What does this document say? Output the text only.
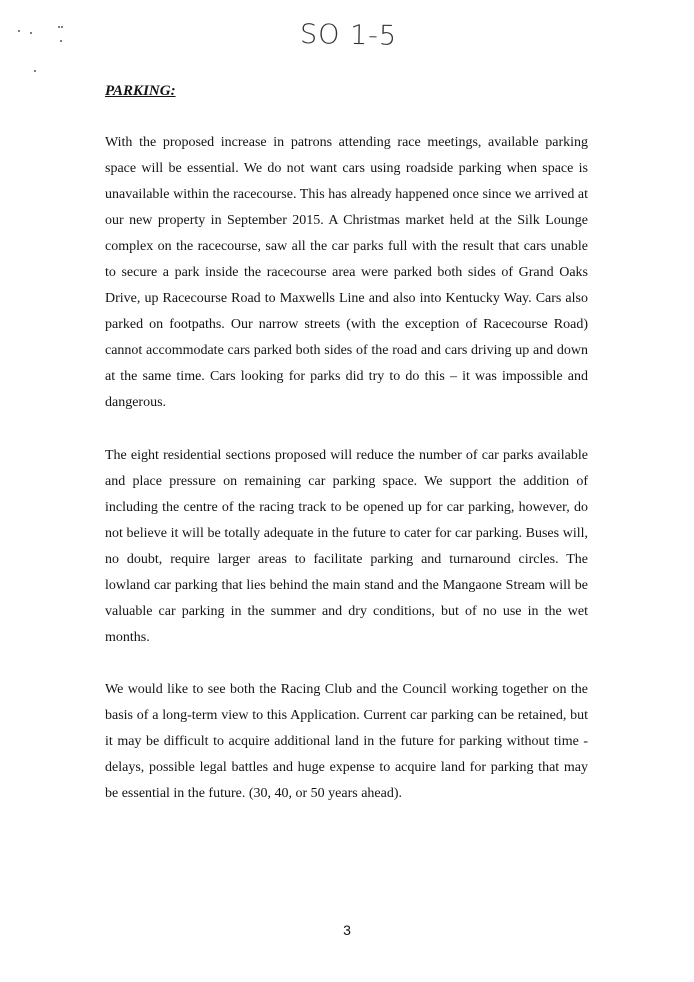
SO 1-5
PARKING:

With the proposed increase in patrons attending race meetings, available parking space will be essential. We do not want cars using roadside parking when space is unavailable within the racecourse. This has already happened once since we arrived at our new property in September 2015. A Christmas market held at the Silk Lounge complex on the racecourse, saw all the car parks full with the result that cars unable to secure a park inside the racecourse area were parked both sides of Grand Oaks Drive, up Racecourse Road to Maxwells Line and also into Kentucky Way. Cars also parked on footpaths. Our narrow streets (with the exception of Racecourse Road) cannot accommodate cars parked both sides of the road and cars driving up and down at the same time. Cars looking for parks did try to do this – it was impossible and dangerous.

The eight residential sections proposed will reduce the number of car parks available and place pressure on remaining car parking space. We support the addition of including the centre of the racing track to be opened up for car parking, however, do not believe it will be totally adequate in the future to cater for car parking. Buses will, no doubt, require larger areas to facilitate parking and turnaround circles. The lowland car parking that lies behind the main stand and the Mangaone Stream will be valuable car parking in the summer and dry conditions, but of no use in the wet months.

We would like to see both the Racing Club and the Council working together on the basis of a long-term view to this Application. Current car parking can be retained, but it may be difficult to acquire additional land in the future for parking without time - delays, possible legal battles and huge expense to acquire land for parking that may be essential in the future. (30, 40, or 50 years ahead).

3
